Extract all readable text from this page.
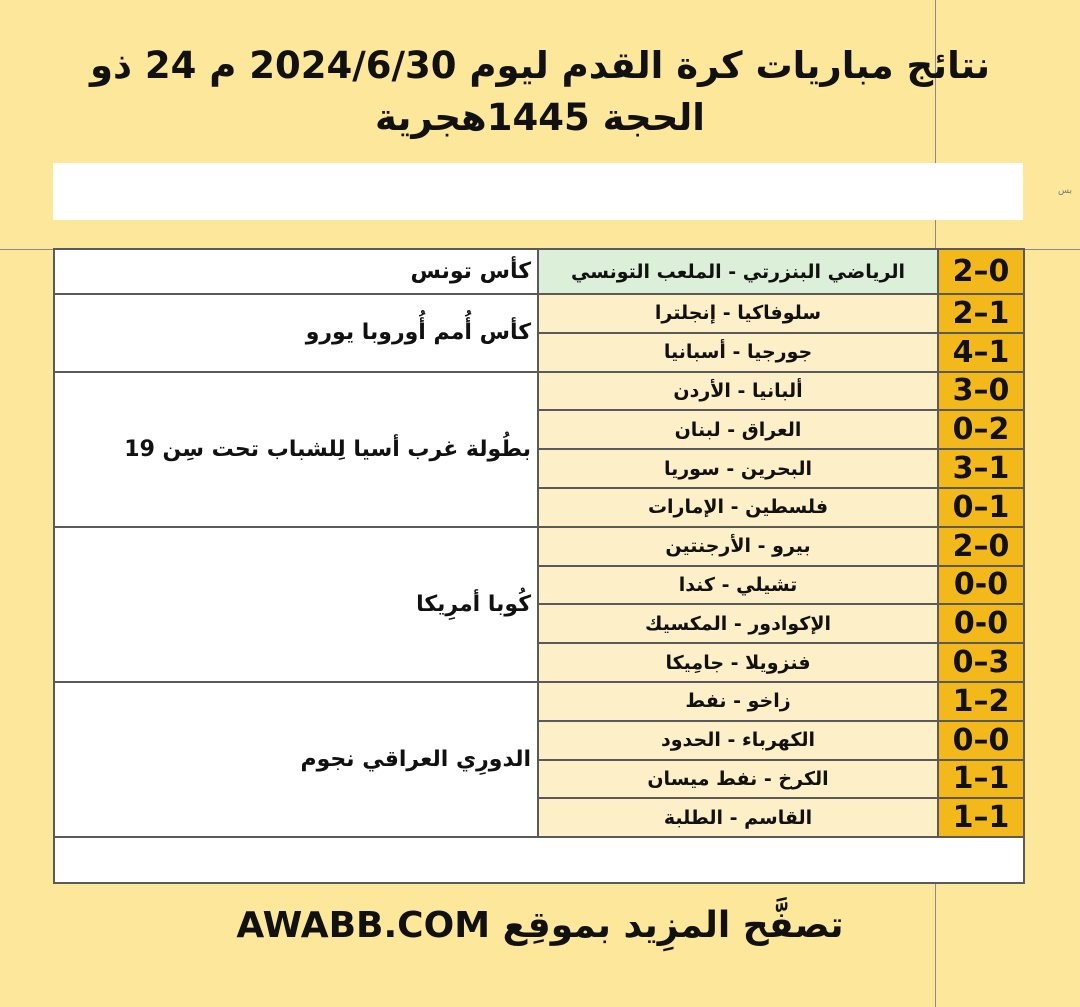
نتائج مباريات كرة القدم ليوم 2024/6/30 م 24 ذو الحجة 1445هجرية
بس
2–0
الرياضي البنزرتي - الملعب التونسي
كأس تونس
2–1
سلوفاكيا - إنجلترا
4–1
جورجيا - أسبانيا
كأس أُمم أُوروبا يورو
3–0
ألبانيا - الأردن
0–2
العراق - لبنان
3–1
البحرين - سوريا
0–1
فلسطين - الإمارات
بطُولة غرب أسيا لِلشباب تحت سِن 19
2–0
بيرو - الأرجنتين
0-0
تشيلي - كندا
0-0
الإكوادور - المكسيك
0–3
فنزويلا - جامِيكا
كُوبا أمرِيكا
1–2
زاخو - نفط
0–0
الكهرباء - الحدود
1–1
الكرخ - نفط ميسان
1–1
القاسم - الطلبة
الدورِي العراقي نجوم
تصفَّح المزِيد بموقِع AWABB.COM
